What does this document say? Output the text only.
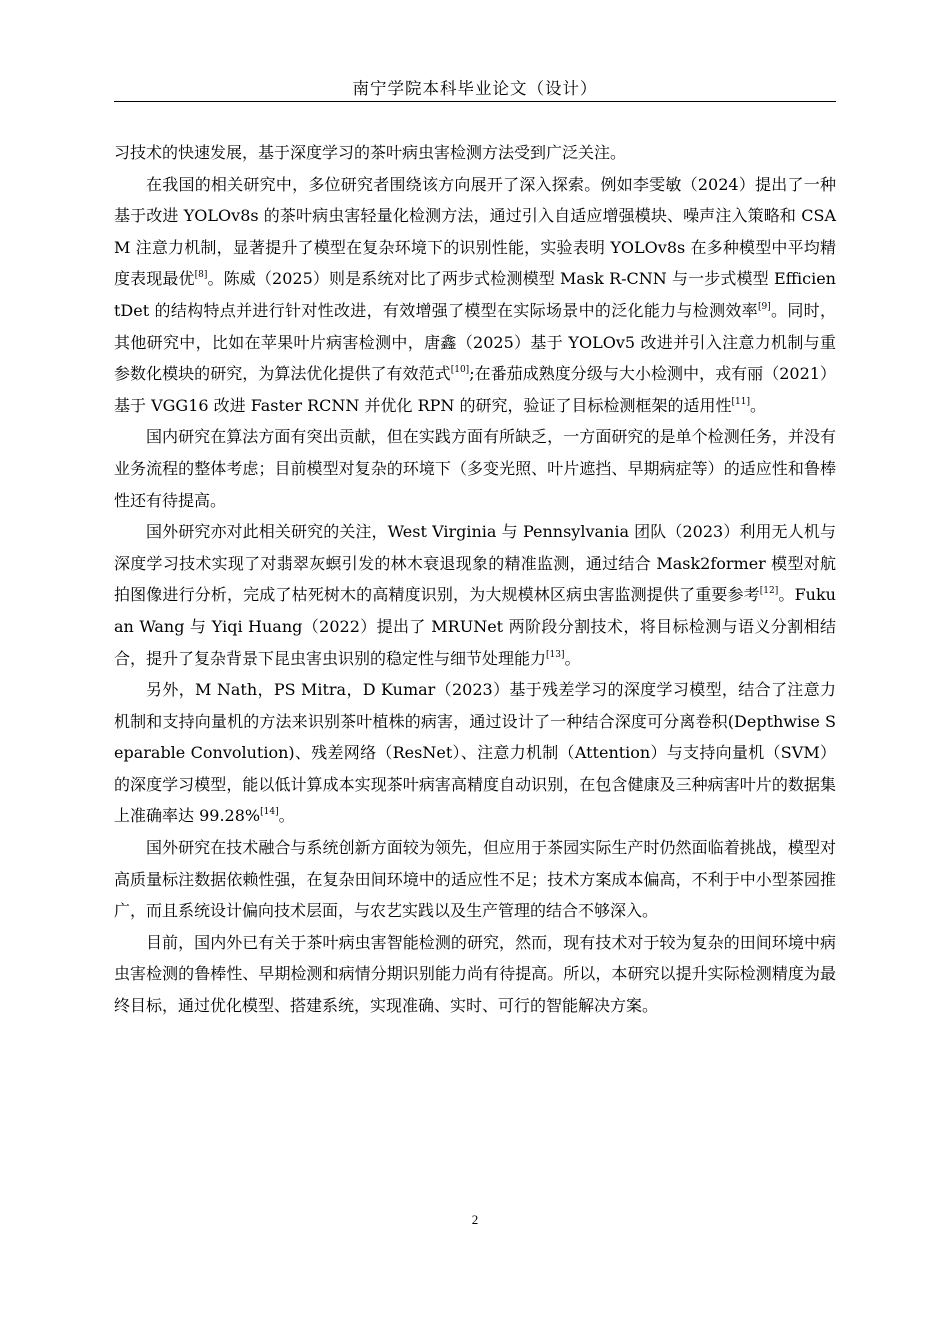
南宁学院本科毕业论文（设计）

习技术的快速发展，基于深度学习的茶叶病虫害检测方法受到广泛关注。

在我国的相关研究中，多位研究者围绕该方向展开了深入探索。例如李雯敏（2024）提出了一种基于改进 YOLOv8s 的茶叶病虫害轻量化检测方法，通过引入自适应增强模块、噪声注入策略和 CSAM 注意力机制，显著提升了模型在复杂环境下的识别性能，实验表明 YOLOv8s 在多种模型中平均精度表现最优[8]。陈威（2025）则是系统对比了两步式检测模型 Mask R-CNN 与一步式模型 EfficientDet 的结构特点并进行针对性改进，有效增强了模型在实际场景中的泛化能力与检测效率[9]。同时，其他研究中，比如在苹果叶片病害检测中，唐鑫（2025）基于 YOLOv5 改进并引入注意力机制与重参数化模块的研究，为算法优化提供了有效范式[10];在番茄成熟度分级与大小检测中，戎有丽（2021）基于 VGG16 改进 Faster RCNN 并优化 RPN 的研究，验证了目标检测框架的适用性[11]。

国内研究在算法方面有突出贡献，但在实践方面有所缺乏，一方面研究的是单个检测任务，并没有业务流程的整体考虑；目前模型对复杂的环境下（多变光照、叶片遮挡、早期病症等）的适应性和鲁棒性还有待提高。

国外研究亦对此相关研究的关注，West Virginia 与 Pennsylvania 团队（2023）利用无人机与深度学习技术实现了对翡翠灰螟引发的林木衰退现象的精准监测，通过结合 Mask2former 模型对航拍图像进行分析，完成了枯死树木的高精度识别，为大规模林区病虫害监测提供了重要参考[12]。Fukuan Wang 与 Yiqi Huang（2022）提出了 MRUNet 两阶段分割技术，将目标检测与语义分割相结合，提升了复杂背景下昆虫害虫识别的稳定性与细节处理能力[13]。

另外，M Nath，PS Mitra，D Kumar（2023）基于残差学习的深度学习模型，结合了注意力机制和支持向量机的方法来识别茶叶植株的病害，通过设计了一种结合深度可分离卷积(Depthwise Separable Convolution)、残差网络（ResNet）、注意力机制（Attention）与支持向量机（SVM）的深度学习模型，能以低计算成本实现茶叶病害高精度自动识别，在包含健康及三种病害叶片的数据集上准确率达 99.28%[14]。

国外研究在技术融合与系统创新方面较为领先，但应用于茶园实际生产时仍然面临着挑战，模型对高质量标注数据依赖性强，在复杂田间环境中的适应性不足；技术方案成本偏高，不利于中小型茶园推广，而且系统设计偏向技术层面，与农艺实践以及生产管理的结合不够深入。

目前，国内外已有关于茶叶病虫害智能检测的研究，然而，现有技术对于较为复杂的田间环境中病虫害检测的鲁棒性、早期检测和病情分期识别能力尚有待提高。所以，本研究以提升实际检测精度为最终目标，通过优化模型、搭建系统，实现准确、实时、可行的智能解决方案。

2
